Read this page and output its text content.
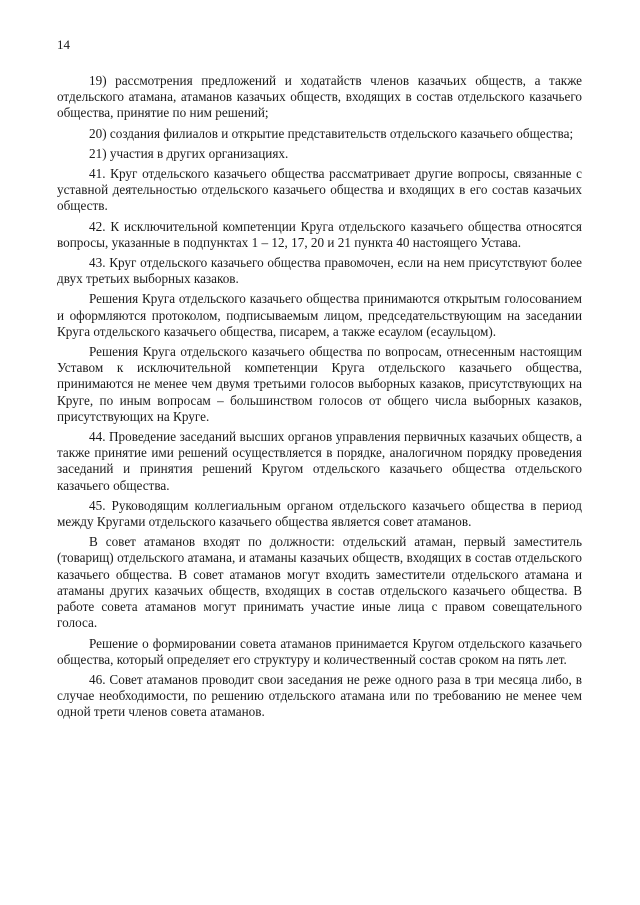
14

19) рассмотрения предложений и ходатайств членов казачьих обществ, а также отдельского атамана, атаманов казачьих обществ, входящих в состав отдельского казачьего общества, принятие по ним решений;

20) создания филиалов и открытие представительств отдельского казачьего общества;

21) участия в других организациях.

41. Круг отдельского казачьего общества рассматривает другие вопросы, связанные с уставной деятельностью отдельского казачьего общества и входящих в его состав казачьих обществ.

42. К исключительной компетенции Круга отдельского казачьего общества относятся вопросы, указанные в подпунктах 1 – 12, 17, 20 и 21 пункта 40 настоящего Устава.

43. Круг отдельского казачьего общества правомочен, если на нем присутствуют более двух третьих выборных казаков.

Решения Круга отдельского казачьего общества принимаются открытым голосованием и оформляются протоколом, подписываемым лицом, председательствующим на заседании Круга отдельского казачьего общества, писарем, а также есаулом (есаульцом).

Решения Круга отдельского казачьего общества по вопросам, отнесенным настоящим Уставом к исключительной компетенции Круга отдельского казачьего общества, принимаются не менее чем двумя третьими голосов выборных казаков, присутствующих на Круге, по иным вопросам – большинством голосов от общего числа выборных казаков, присутствующих на Круге.

44. Проведение заседаний высших органов управления первичных казачьих обществ, а также принятие ими решений осуществляется в порядке, аналогичном порядку проведения заседаний и принятия решений Кругом отдельского казачьего общества отдельского казачьего общества.

45. Руководящим коллегиальным органом отдельского казачьего общества в период между Кругами отдельского казачьего общества является совет атаманов.

В совет атаманов входят по должности: отдельский атаман, первый заместитель (товарищ) отдельского атамана, и атаманы казачьих обществ, входящих в состав отдельского казачьего общества. В совет атаманов могут входить заместители отдельского атамана и атаманы других казачьих обществ, входящих в состав отдельского казачьего общества. В работе совета атаманов могут принимать участие иные лица с правом совещательного голоса.

Решение о формировании совета атаманов принимается Кругом отдельского казачьего общества, который определяет его структуру и количественный состав сроком на пять лет.

46. Совет атаманов проводит свои заседания не реже одного раза в три месяца либо, в случае необходимости, по решению отдельского атамана или по требованию не менее чем одной трети членов совета атаманов.
